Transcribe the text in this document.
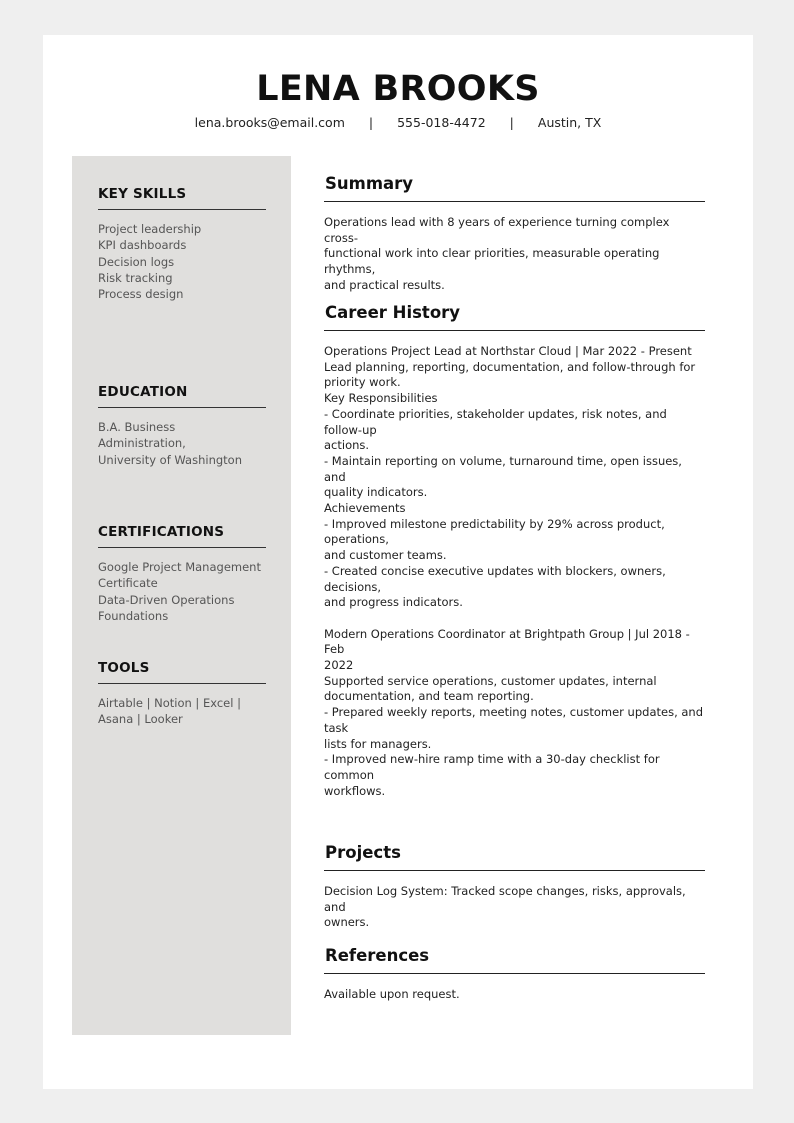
LENA BROOKS
lena.brooks@email.com | 555-018-4472 | Austin, TX
KEY SKILLS
Project leadership
KPI dashboards
Decision logs
Risk tracking
Process design
EDUCATION
B.A. Business Administration,
University of Washington
CERTIFICATIONS
Google Project Management
Certificate
Data-Driven Operations
Foundations
TOOLS
Airtable | Notion | Excel |
Asana | Looker
Summary
Operations lead with 8 years of experience turning complex cross-
functional work into clear priorities, measurable operating rhythms,
and practical results.
Career History
Operations Project Lead at Northstar Cloud | Mar 2022 - Present
Lead planning, reporting, documentation, and follow-through for
priority work.
Key Responsibilities
- Coordinate priorities, stakeholder updates, risk notes, and follow-up
actions.
- Maintain reporting on volume, turnaround time, open issues, and
quality indicators.
Achievements
- Improved milestone predictability by 29% across product, operations,
and customer teams.
- Created concise executive updates with blockers, owners, decisions,
and progress indicators.
Modern Operations Coordinator at Brightpath Group | Jul 2018 - Feb
2022
Supported service operations, customer updates, internal
documentation, and team reporting.
- Prepared weekly reports, meeting notes, customer updates, and task
lists for managers.
- Improved new-hire ramp time with a 30-day checklist for common
workflows.
Projects
Decision Log System: Tracked scope changes, risks, approvals, and
owners.
References
Available upon request.
